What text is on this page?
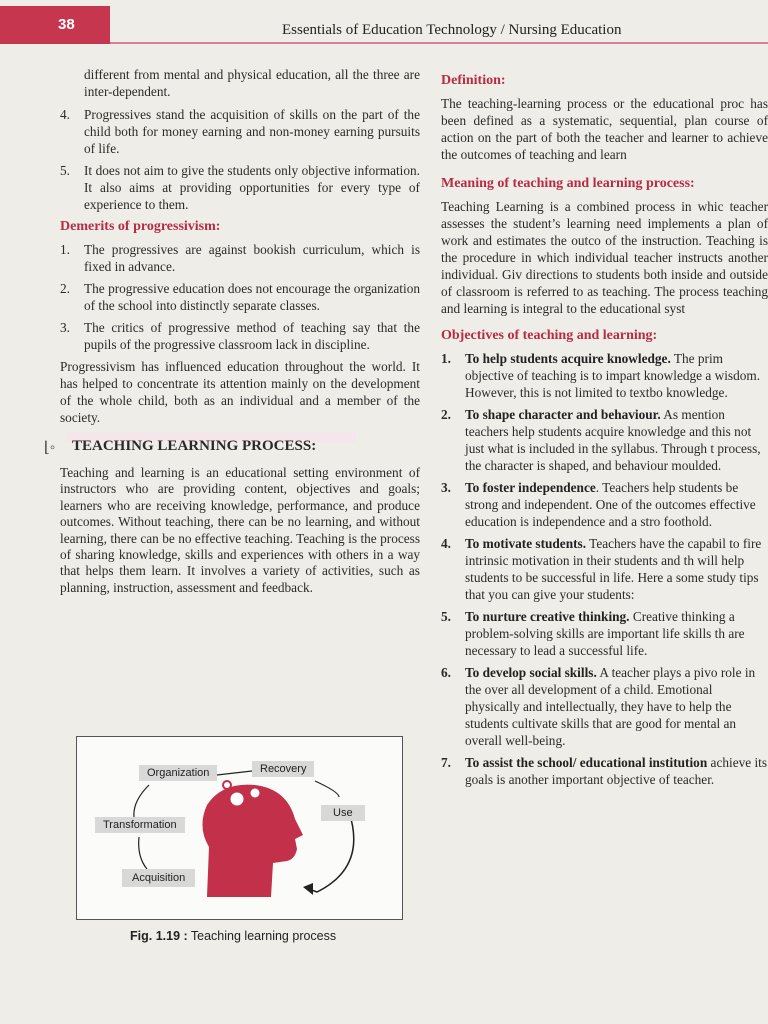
38	Essentials of Education Technology / Nursing Education

different from mental and physical education, all the three are inter-dependent.

4. Progressives stand the acquisition of skills on the part of the child both for money earning and non-money earning pursuits of life.
5. It does not aim to give the students only objective information. It also aims at providing opportunities for every type of experience to them.
Demerits of progressivism:
1. The progressives are against bookish curriculum, which is fixed in advance.
2. The progressive education does not encourage the organization of the school into distinctly separate classes.
3. The critics of progressive method of teaching say that the pupils of the progressive classroom lack in discipline.

Progressivism has influenced education throughout the world. It has helped to concentrate its attention mainly on the development of the whole child, both as an individual and a member of the society.

⌊◦ TEACHING LEARNING PROCESS:

Teaching and learning is an educational setting environment of instructors who are providing content, objectives and goals; learners who are receiving knowledge, performance, and produce outcomes. Without teaching, there can be no learning, and without learning, there can be no effective teaching. Teaching is the process of sharing knowledge, skills and experiences with others in a way that helps them learn. It involves a variety of activities, such as planning, instruction, assessment and feedback.

Organization	Recovery
Use
Transformation
Acquisition
Fig. 1.19 : Teaching learning process
Definition:

The teaching-learning process or the educational proc has been defined as a systematic, sequential, plan course of action on the part of both the teacher and learner to achieve the outcomes of teaching and learn

Meaning of teaching and learning process:

Teaching Learning is a combined process in whic teacher assesses the student’s learning need implements a plan of work and estimates the outco of the instruction. Teaching is the procedure in which individual teacher instructs another individual. Giv directions to students both inside and outside of classroom is referred to as teaching. The process teaching and learning is integral to the educational syst

Objectives of teaching and learning:
1. To help students acquire knowledge. The prim objective of teaching is to impart knowledge a wisdom. However, this is not limited to textbo knowledge.
2. To shape character and behaviour. As mention teachers help students acquire knowledge and this not just what is included in the syllabus. Through t process, the character is shaped, and behaviour moulded.
3. To foster independence. Teachers help students be strong and independent. One of the outcomes effective education is independence and a stro foothold.
4. To motivate students. Teachers have the capabil to fire intrinsic motivation in their students and th will help students to be successful in life. Here a some study tips that you can give your students:
5. To nurture creative thinking. Creative thinking a problem-solving skills are important life skills th are necessary to lead a successful life.
6. To develop social skills. A teacher plays a pivo role in the over all development of a child. Emotional physically and intellectually, they have to help the students cultivate skills that are good for mental an overall well-being.
7. To assist the school/ educational institution achieve its goals is another important objective of teacher.
